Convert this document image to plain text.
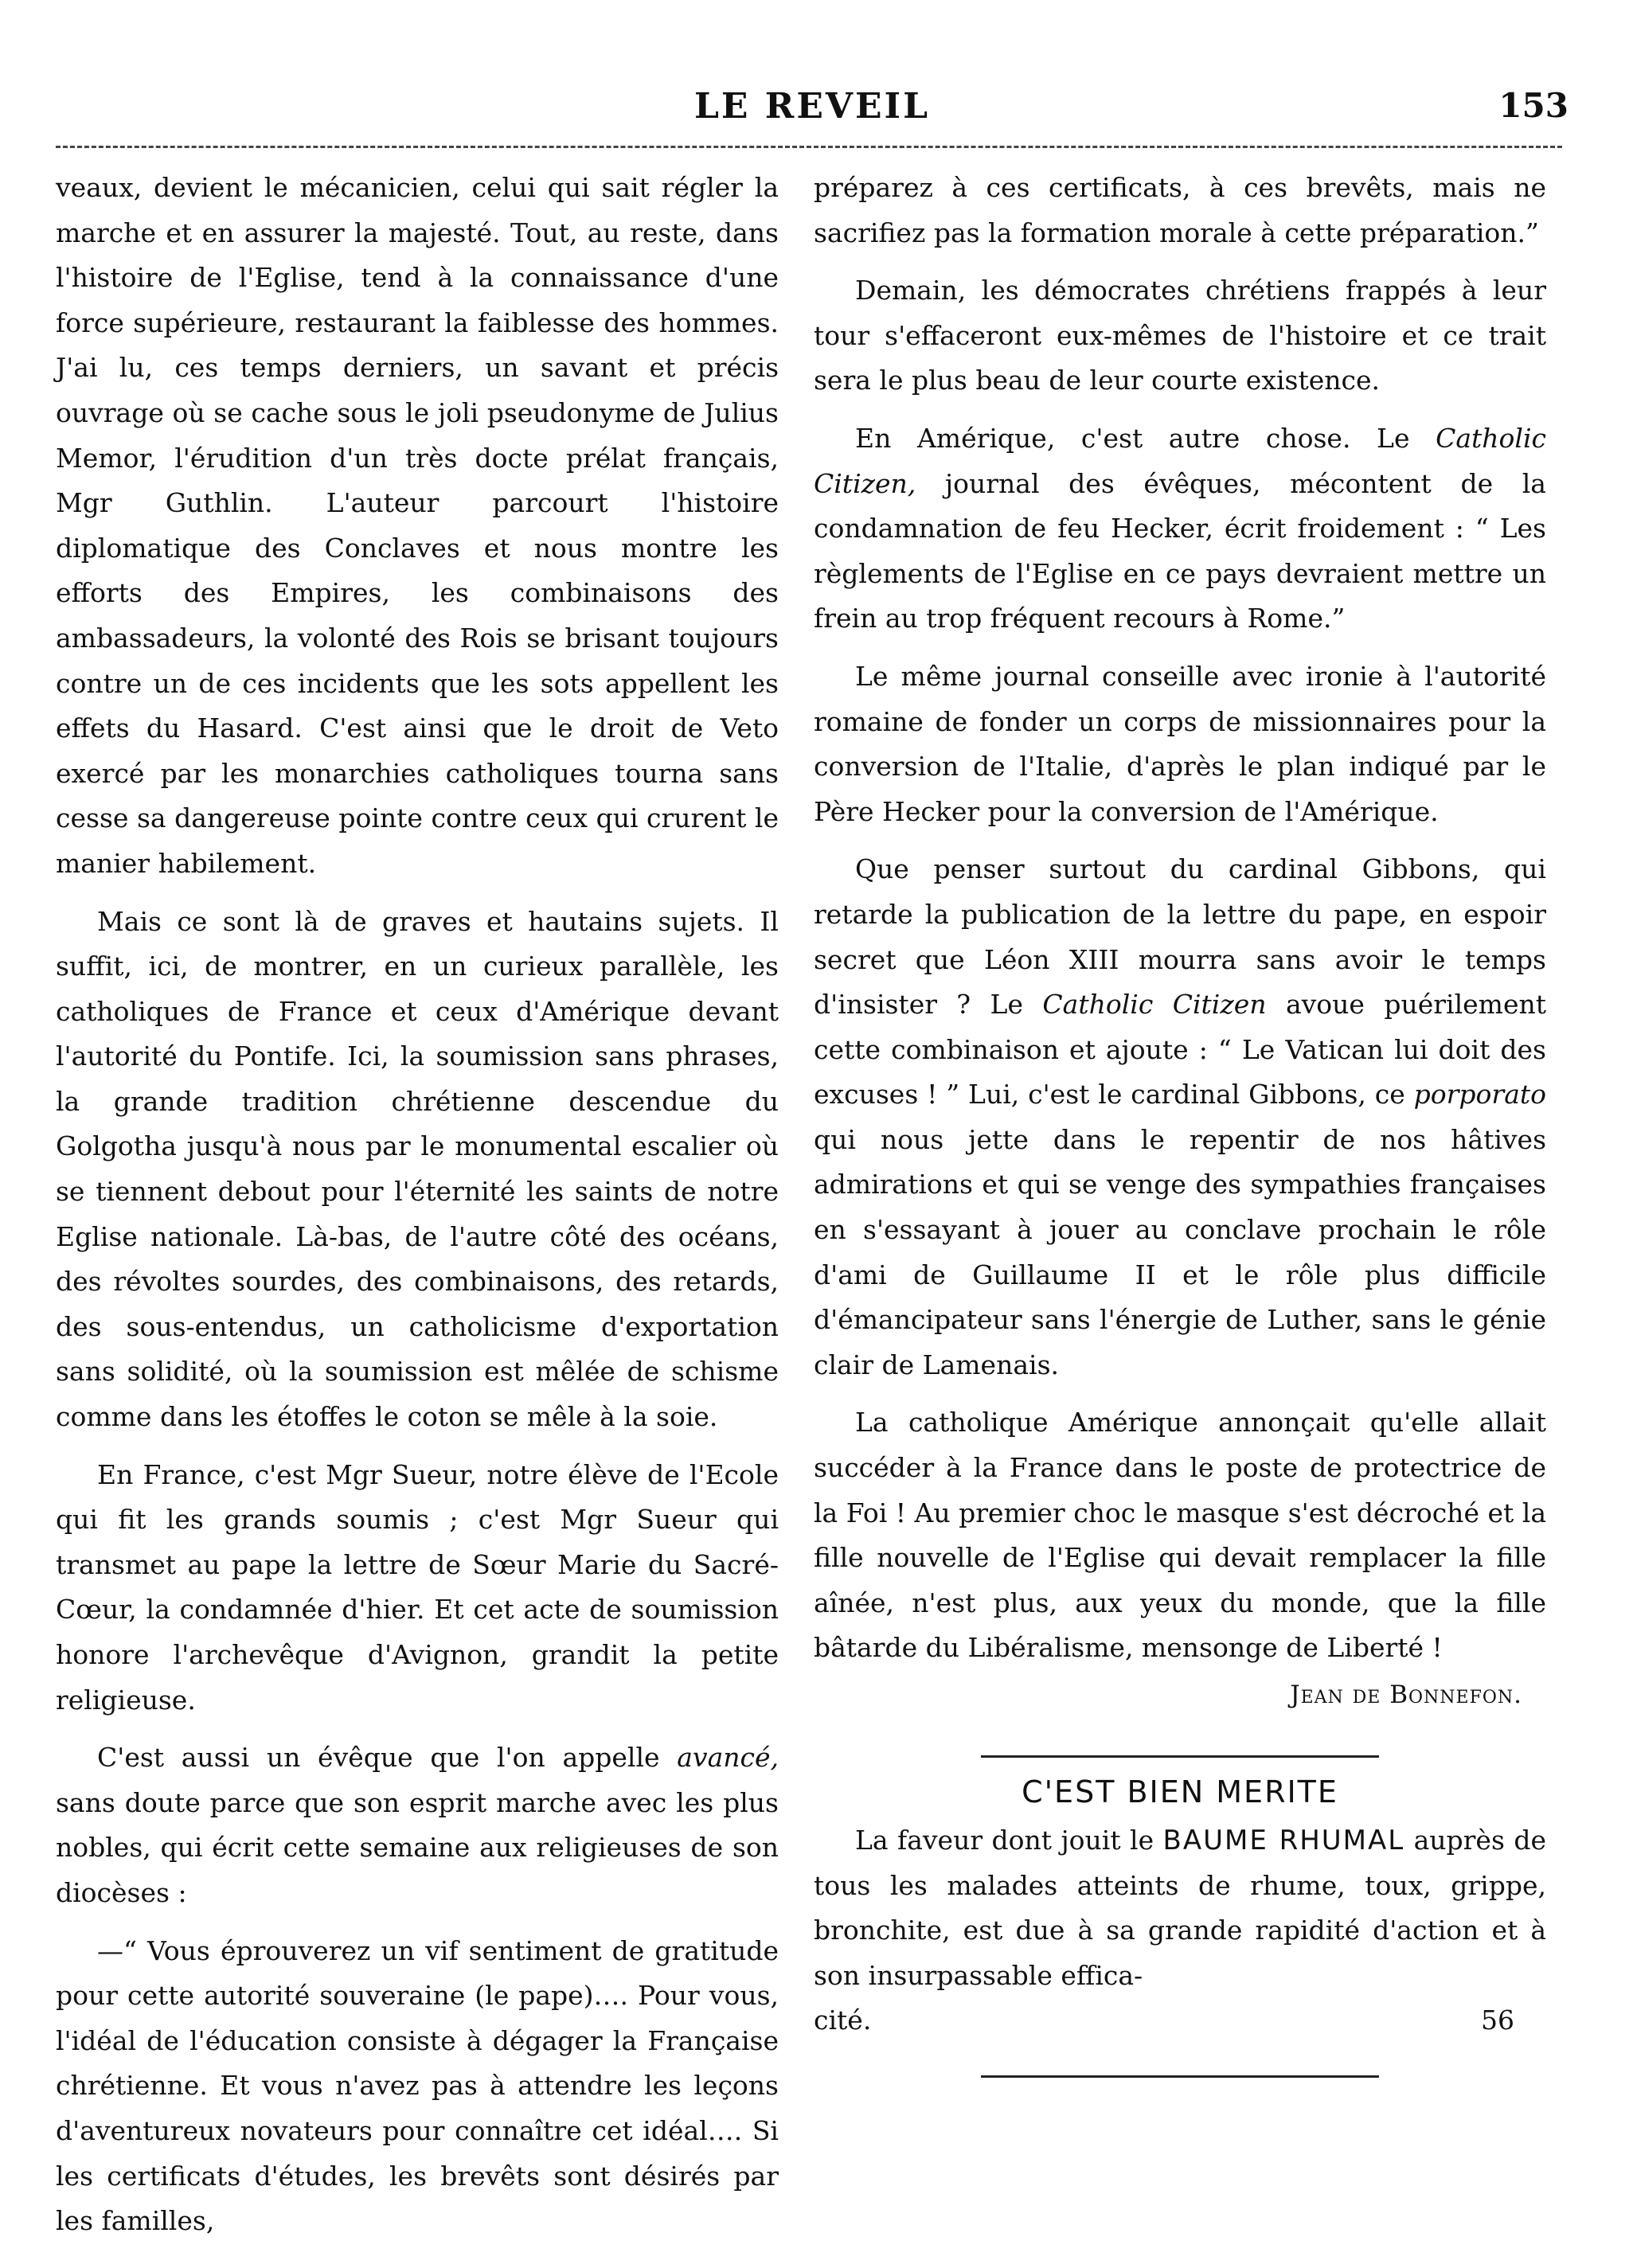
LE REVEIL	153

veaux, devient le mécanicien, celui qui sait régler la marche et en assurer la majesté. Tout, au reste, dans l'histoire de l'Eglise, tend à la connaissance d'une force supérieure, restaurant la faiblesse des hommes. J'ai lu, ces temps derniers, un savant et précis ouvrage où se cache sous le joli pseudonyme de Julius Memor, l'érudition d'un très docte prélat français, Mgr Guthlin. L'auteur parcourt l'histoire diplomatique des Conclaves et nous montre les efforts des Empires, les combinaisons des ambassadeurs, la volonté des Rois se brisant toujours contre un de ces incidents que les sots appellent les effets du Hasard. C'est ainsi que le droit de Veto exercé par les monarchies catholiques tourna sans cesse sa dangereuse pointe contre ceux qui crurent le manier habilement.

Mais ce sont là de graves et hautains sujets. Il suffit, ici, de montrer, en un curieux parallèle, les catholiques de France et ceux d'Amérique devant l'autorité du Pontife. Ici, la soumission sans phrases, la grande tradition chrétienne descendue du Golgotha jusqu'à nous par le monumental escalier où se tiennent debout pour l'éternité les saints de notre Eglise nationale. Là-bas, de l'autre côté des océans, des révoltes sourdes, des combinaisons, des retards, des sous-entendus, un catholicisme d'exportation sans solidité, où la soumission est mêlée de schisme comme dans les étoffes le coton se mêle à la soie.

En France, c'est Mgr Sueur, notre élève de l'Ecole qui fit les grands soumis ; c'est Mgr Sueur qui transmet au pape la lettre de Sœur Marie du Sacré-Cœur, la condamnée d'hier. Et cet acte de soumission honore l'archevêque d'Avignon, grandit la petite religieuse.

C'est aussi un évêque que l'on appelle avancé, sans doute parce que son esprit marche avec les plus nobles, qui écrit cette semaine aux religieuses de son diocèses :

—“ Vous éprouverez un vif sentiment de gratitude pour cette autorité souveraine (le pape)…. Pour vous, l'idéal de l'éducation consiste à dégager la Française chrétienne. Et vous n'avez pas à attendre les leçons d'aventureux novateurs pour connaître cet idéal…. Si les certificats d'études, les brevêts sont désirés par les familles,

préparez à ces certificats, à ces brevêts, mais ne sacrifiez pas la formation morale à cette préparation.”

Demain, les démocrates chrétiens frappés à leur tour s'effaceront eux-mêmes de l'histoire et ce trait sera le plus beau de leur courte existence.

En Amérique, c'est autre chose. Le Catholic Citizen, journal des évêques, mécontent de la condamnation de feu Hecker, écrit froidement : “ Les règlements de l'Eglise en ce pays devraient mettre un frein au trop fréquent recours à Rome.”

Le même journal conseille avec ironie à l'autorité romaine de fonder un corps de missionnaires pour la conversion de l'Italie, d'après le plan indiqué par le Père Hecker pour la conversion de l'Amérique.

Que penser surtout du cardinal Gibbons, qui retarde la publication de la lettre du pape, en espoir secret que Léon XIII mourra sans avoir le temps d'insister ? Le Catholic Citizen avoue puérilement cette combinaison et ajoute : “ Le Vatican lui doit des excuses ! ” Lui, c'est le cardinal Gibbons, ce porporato qui nous jette dans le repentir de nos hâtives admirations et qui se venge des sympathies françaises en s'essayant à jouer au conclave prochain le rôle d'ami de Guillaume II et le rôle plus difficile d'émancipateur sans l'énergie de Luther, sans le génie clair de Lamenais.

La catholique Amérique annonçait qu'elle allait succéder à la France dans le poste de protectrice de la Foi ! Au premier choc le masque s'est décroché et la fille nouvelle de l'Eglise qui devait remplacer la fille aînée, n'est plus, aux yeux du monde, que la fille bâtarde du Libéralisme, mensonge de Liberté !

Jean de Bonnefon.
C'EST BIEN MERITE

La faveur dont jouit le BAUME RHUMAL auprès de tous les malades atteints de rhume, toux, grippe, bronchite, est due à sa grande rapidité d'action et à son insurpassable effica-

cité.	56
